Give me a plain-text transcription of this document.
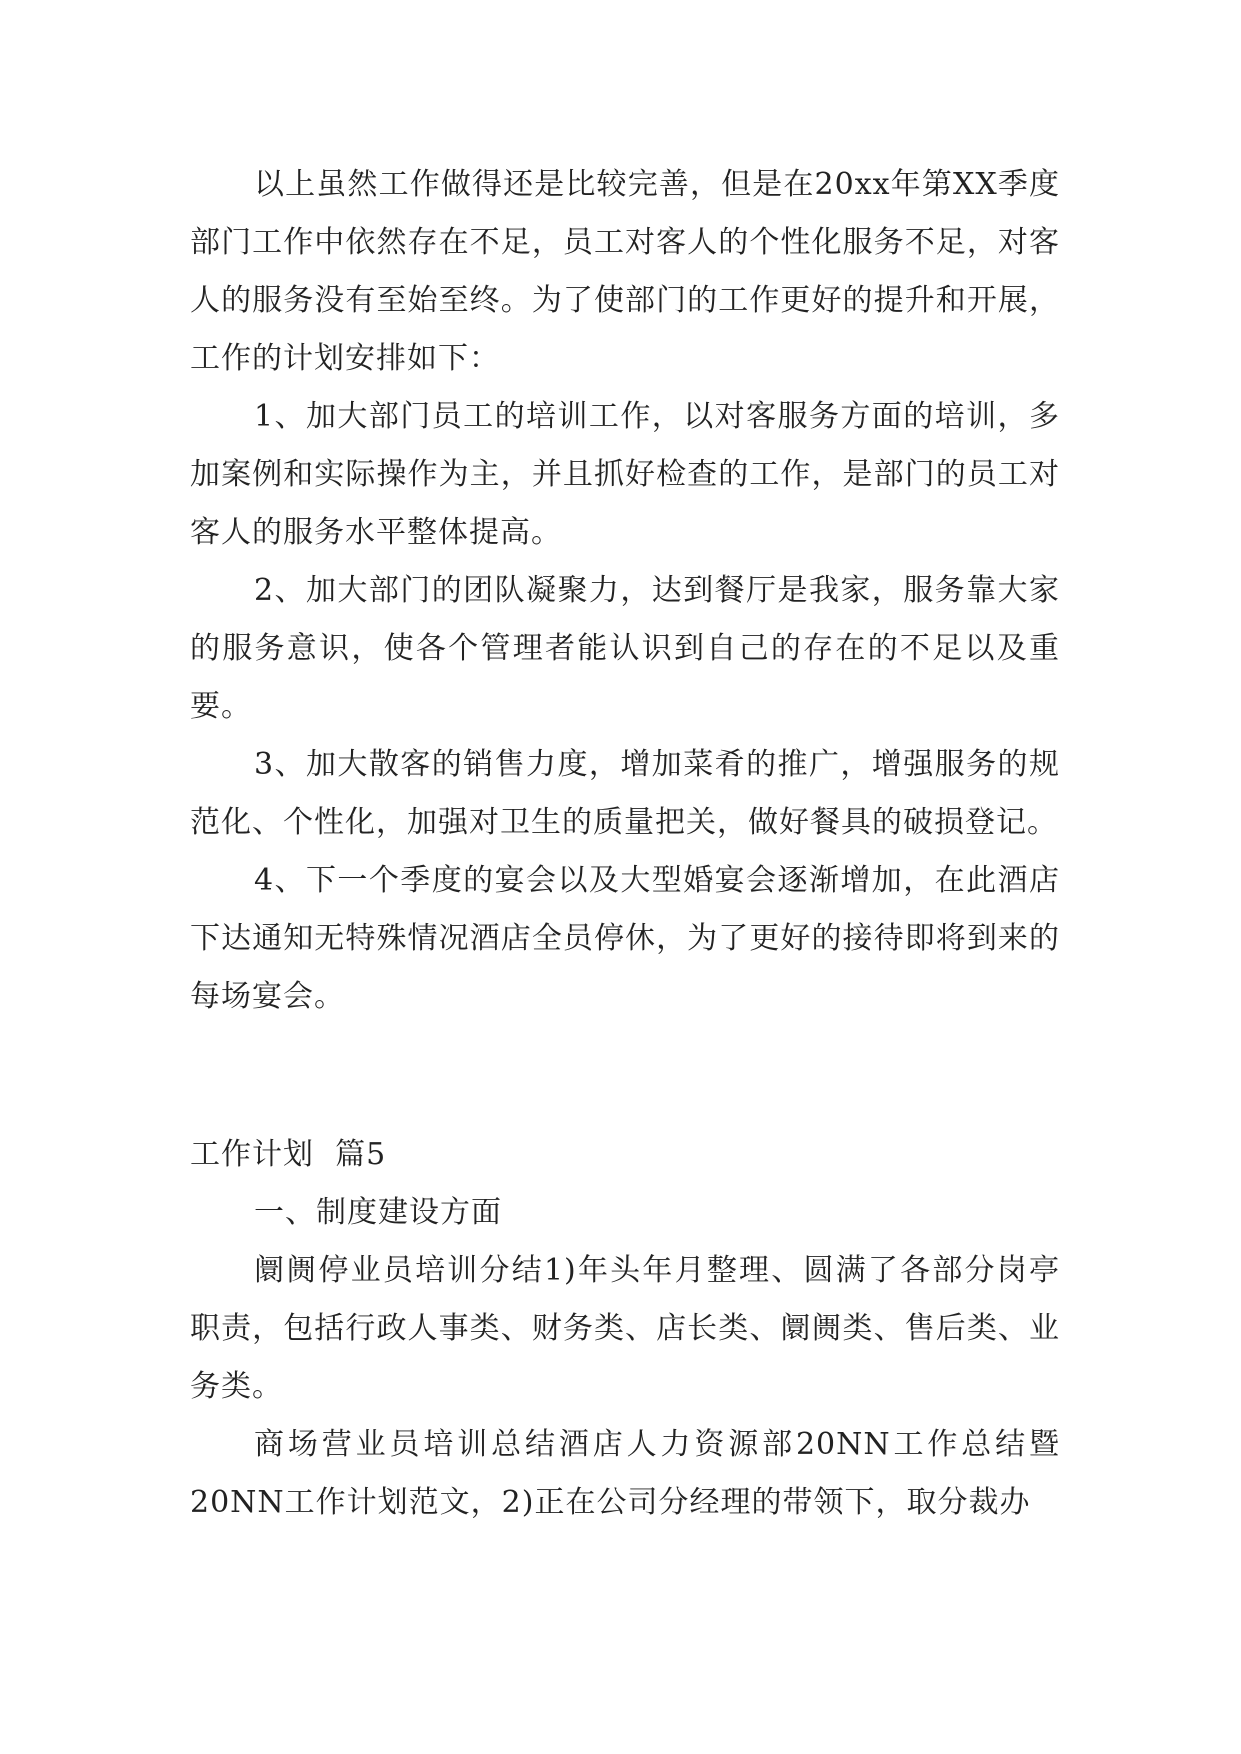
以上虽然工作做得还是比较完善，但是在20xx年第XX季度部门工作中依然存在不足，员工对客人的个性化服务不足，对客人的服务没有至始至终。为了使部门的工作更好的提升和开展，工作的计划安排如下：

1、加大部门员工的培训工作，以对客服务方面的培训，多加案例和实际操作为主，并且抓好检查的工作，是部门的员工对客人的服务水平整体提高。

2、加大部门的团队凝聚力，达到餐厅是我家，服务靠大家的服务意识，使各个管理者能认识到自己的存在的不足以及重要。

3、加大散客的销售力度，增加菜肴的推广，增强服务的规范化、个性化，加强对卫生的质量把关，做好餐具的破损登记。

4、下一个季度的宴会以及大型婚宴会逐渐增加，在此酒店下达通知无特殊情况酒店全员停休，为了更好的接待即将到来的每场宴会。

工作计划  篇5

一、制度建设方面

阛阓停业员培训分结1)年头年月整理、圆满了各部分岗亭职责，包括行政人事类、财务类、店长类、阛阓类、售后类、业务类。

商场营业员培训总结酒店人力资源部20NN工作总结暨20NN工作计划范文，2)正在公司分经理的带领下，取分裁办
